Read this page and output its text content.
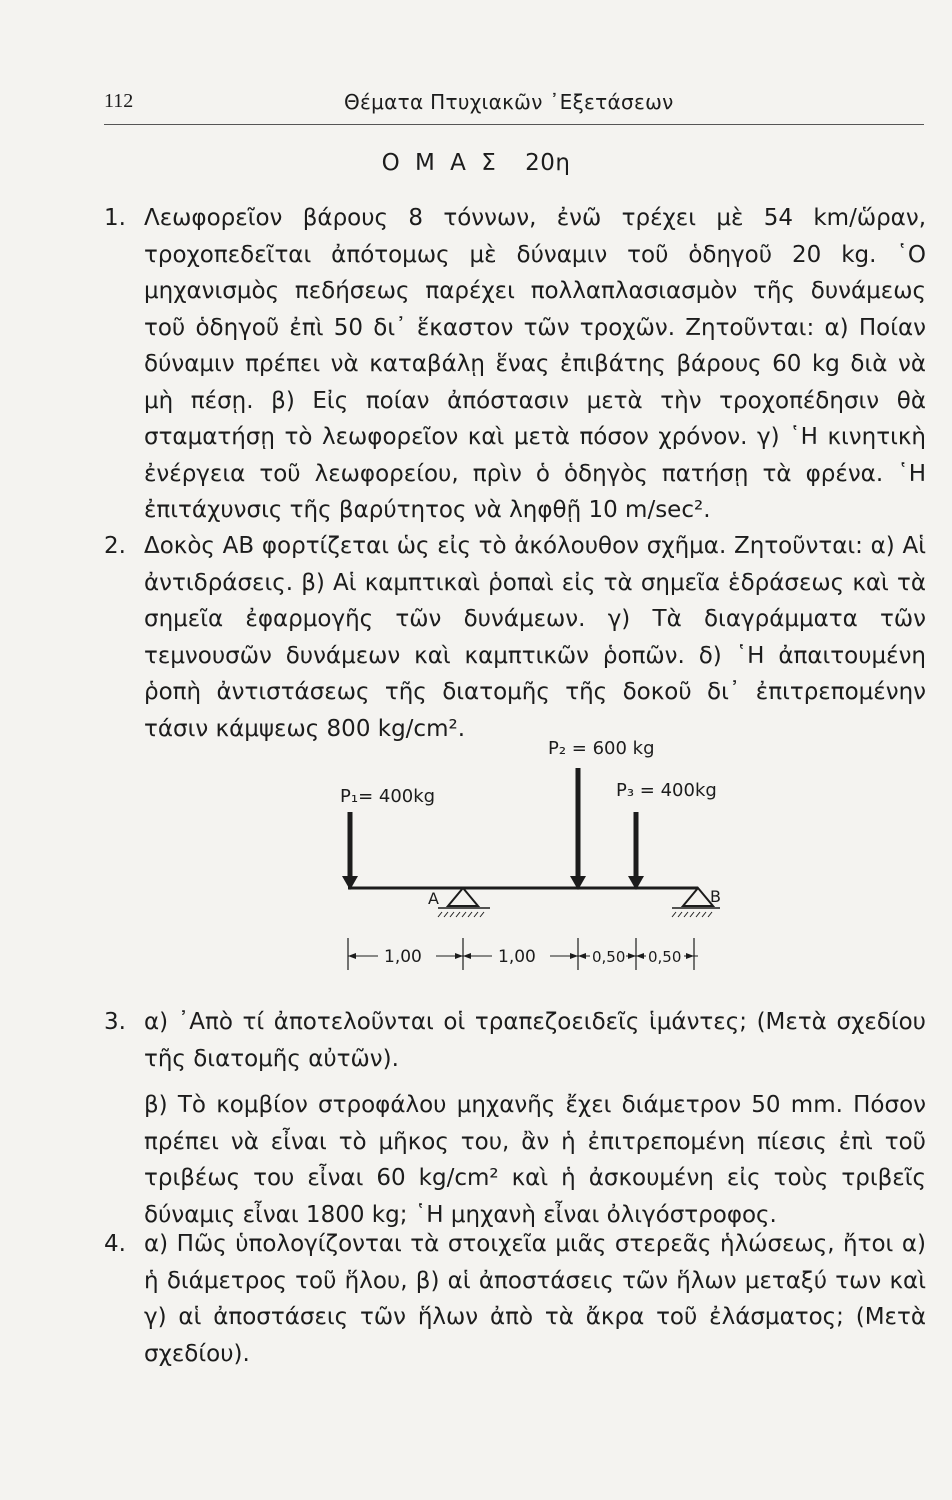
112	Θέματα Πτυχιακῶν ᾿Εξετάσεων
Ο Μ Α Σ 20η
1. Λεωφορεῖον βάρους 8 τόννων, ἐνῶ τρέχει μὲ 54 km/ὥραν, τροχοπεδεῖται ἀπότομως μὲ δύναμιν τοῦ ὁδηγοῦ 20 kg. ῾Ο μηχανισμὸς πεδήσεως παρέχει πολλαπλασιασμὸν τῆς δυνάμεως τοῦ ὁδηγοῦ ἐπὶ 50 δι᾿ ἕκαστον τῶν τροχῶν. Ζητοῦνται: α) Ποίαν δύναμιν πρέπει νὰ καταβάλῃ ἕνας ἐπιβάτης βάρους 60 kg διὰ νὰ μὴ πέσῃ. β) Εἰς ποίαν ἀπόστασιν μετὰ τὴν τροχοπέδησιν θὰ σταματήσῃ τὸ λεωφορεῖον καὶ μετὰ πόσον χρόνον. γ) ῾Η κινητικὴ ἐνέργεια τοῦ λεωφορείου, πρὶν ὁ ὁδηγὸς πατήσῃ τὰ φρένα. ῾Η ἐπιτάχυνσις τῆς βαρύτητος νὰ ληφθῇ 10 m/sec².
2. Δοκὸς ΑΒ φορτίζεται ὡς εἰς τὸ ἀκόλουθον σχῆμα. Ζητοῦνται: α) Αἱ ἀντιδράσεις. β) Αἱ καμπτικαὶ ῥοπαὶ εἰς τὰ σημεῖα ἑδράσεως καὶ τὰ σημεῖα ἐφαρμογῆς τῶν δυνάμεων. γ) Τὰ διαγράμματα τῶν τεμνουσῶν δυνάμεων καὶ καμπτικῶν ῥοπῶν. δ) ῾Η ἀπαιτουμένη ῥοπὴ ἀντιστάσεως τῆς διατομῆς τῆς δοκοῦ δι᾿ ἐπιτρεπομένην τάσιν κάμψεως 800 kg/cm².
P₁= 400kg
P₂ = 600 kg
P₃ = 400kg
A	B
1,00	1,00	0,50 0,50
3. α) ᾿Απὸ τί ἀποτελοῦνται οἱ τραπεζοειδεῖς ἱμάντες; (Μετὰ σχεδίου τῆς διατομῆς αὐτῶν).
β) Τὸ κομβίον στροφάλου μηχανῆς ἔχει διάμετρον 50 mm. Πόσον πρέπει νὰ εἶναι τὸ μῆκος του, ἂν ἡ ἐπιτρεπομένη πίεσις ἐπὶ τοῦ τριβέως του εἶναι 60 kg/cm² καὶ ἡ ἀσκουμένη εἰς τοὺς τριβεῖς δύναμις εἶναι 1800 kg; ῾Η μηχανὴ εἶναι ὀλιγόστροφος.
4. α) Πῶς ὑπολογίζονται τὰ στοιχεῖα μιᾶς στερεᾶς ἡλώσεως, ἤτοι α) ἡ διάμετρος τοῦ ἥλου, β) αἱ ἀποστάσεις τῶν ἥλων μεταξύ των καὶ γ) αἱ ἀποστάσεις τῶν ἥλων ἀπὸ τὰ ἄκρα τοῦ ἐλάσματος; (Μετὰ σχεδίου).
